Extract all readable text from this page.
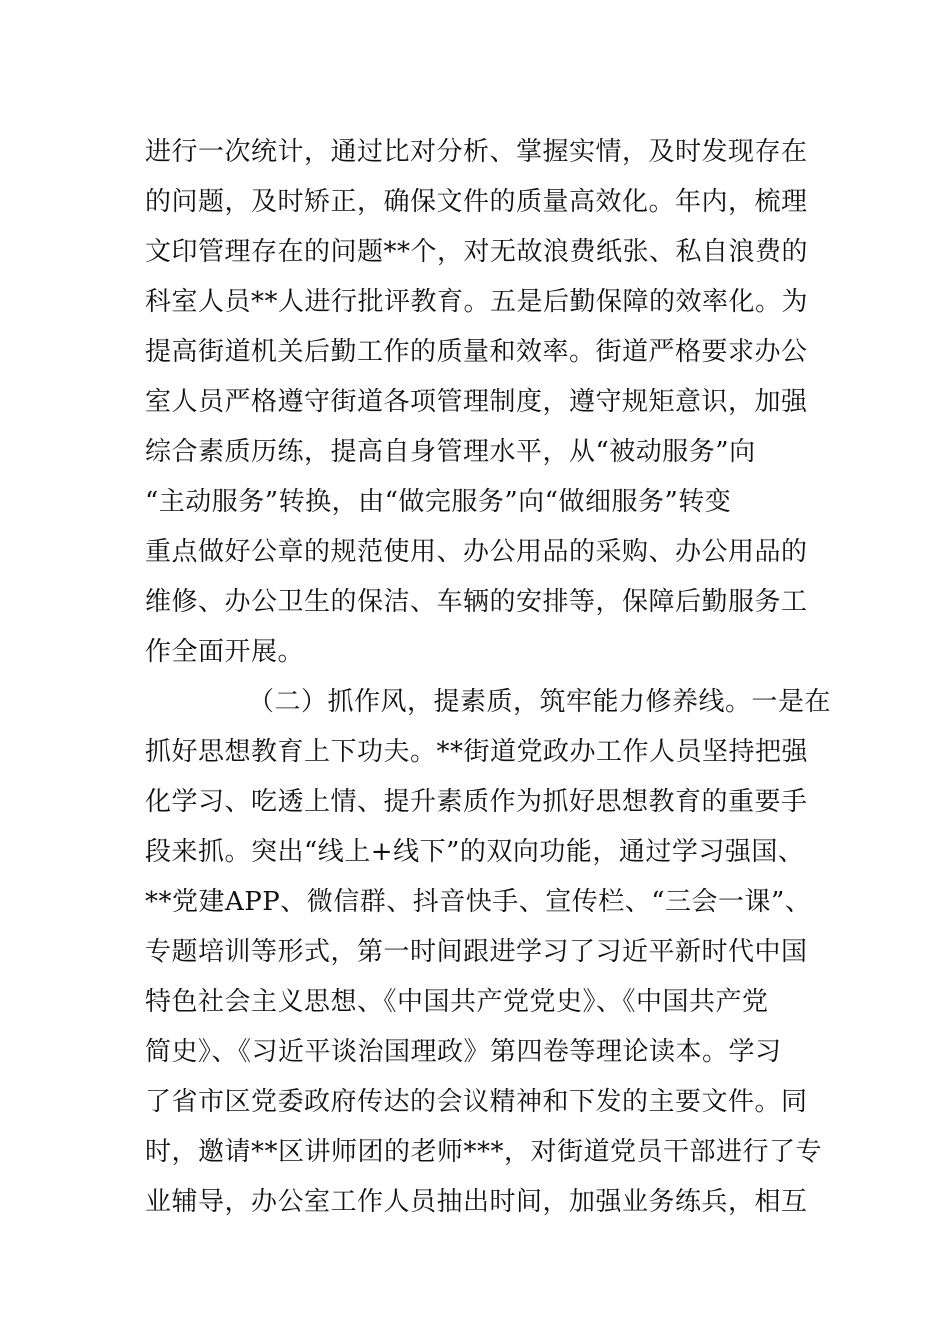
进行一次统计，通过比对分析、掌握实情，及时发现存在
的问题，及时矫正，确保文件的质量高效化。年内，梳理
文印管理存在的问题**个，对无故浪费纸张、私自浪费的
科室人员**人进行批评教育。五是后勤保障的效率化。为
提高街道机关后勤工作的质量和效率。街道严格要求办公
室人员严格遵守街道各项管理制度，遵守规矩意识，加强
综合素质历练，提高自身管理水平，从“被动服务”向
“主动服务”转换，由“做完服务”向“做细服务”转变
重点做好公章的规范使用、办公用品的采购、办公用品的
维修、办公卫生的保洁、车辆的安排等，保障后勤服务工
作全面开展。
（二）抓作风，提素质，筑牢能力修养线。一是在
抓好思想教育上下功夫。**街道党政办工作人员坚持把强
化学习、吃透上情、提升素质作为抓好思想教育的重要手
段来抓。突出“线上+线下”的双向功能，通过学习强国、
**党建APP、微信群、抖音快手、宣传栏、“三会一课”、
专题培训等形式，第一时间跟进学习了习近平新时代中国
特色社会主义思想、《中国共产党党史》、《中国共产党
简史》、《习近平谈治国理政》第四卷等理论读本。学习
了省市区党委政府传达的会议精神和下发的主要文件。同
时，邀请**区讲师团的老师***，对街道党员干部进行了专
业辅导，办公室工作人员抽出时间，加强业务练兵，相互
